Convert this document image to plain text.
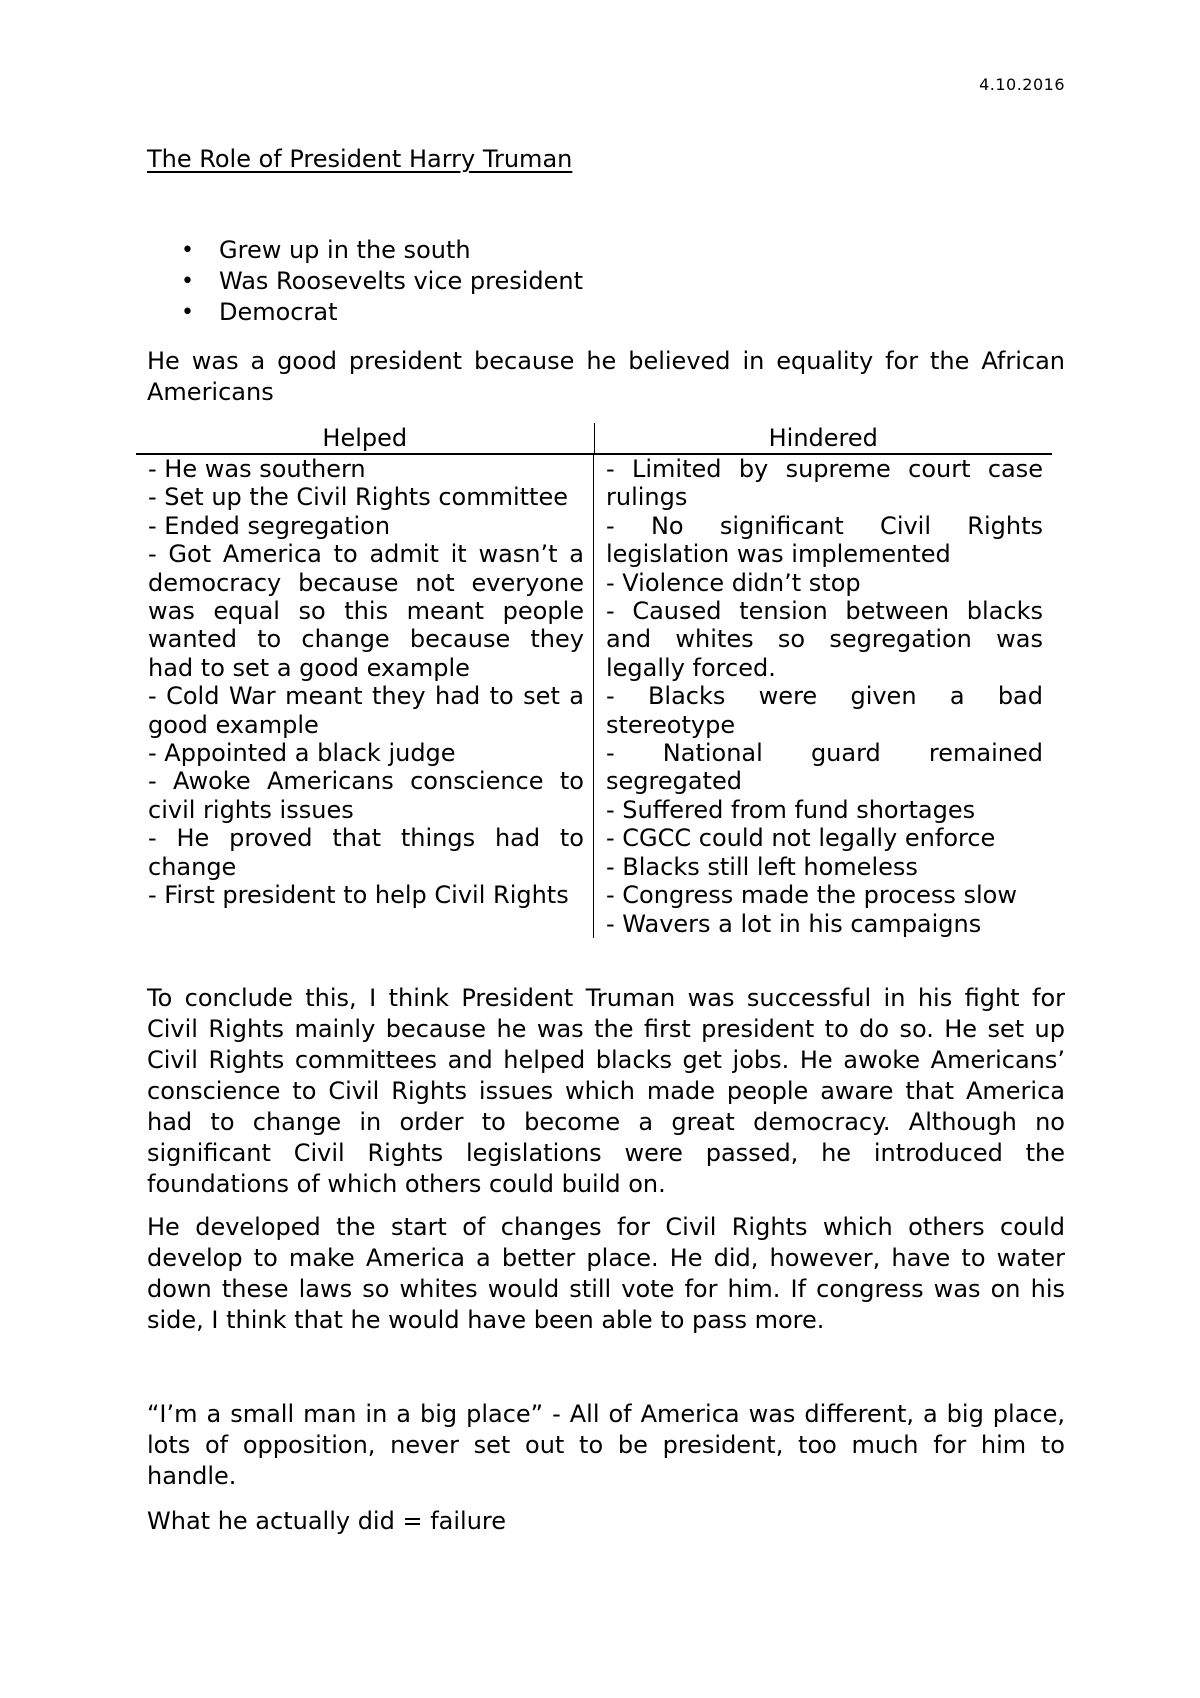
4.10.2016
The Role of President Harry Truman
• Grew up in the south
• Was Roosevelts vice president
• Democrat

He was a good president because he believed in equality for the African Americans

Helped	Hindered
- He was southern
- Set up the Civil Rights committee
- Ended segregation
- Got America to admit it wasn’t a democracy because not everyone was equal so this meant people wanted to change because they had to set a good example
- Cold War meant they had to set a good example
- Appointed a black judge
- Awoke Americans conscience to civil rights issues
- He proved that things had to change
- First president to help Civil Rights
- Limited by supreme court case rulings
- No significant Civil Rights legislation was implemented
- Violence didn’t stop
- Caused tension between blacks and whites so segregation was legally forced.
- Blacks were given a bad stereotype
- National guard remained segregated
- Suffered from fund shortages
- CGCC could not legally enforce
- Blacks still left homeless
- Congress made the process slow
- Wavers a lot in his campaigns

To conclude this, I think President Truman was successful in his fight for Civil Rights mainly because he was the first president to do so. He set up Civil Rights committees and helped blacks get jobs. He awoke Americans’ conscience to Civil Rights issues which made people aware that America had to change in order to become a great democracy. Although no significant Civil Rights legislations were passed, he introduced the foundations of which others could build on.

He developed the start of changes for Civil Rights which others could develop to make America a better place. He did, however, have to water down these laws so whites would still vote for him. If congress was on his side, I think that he would have been able to pass more.

“I’m a small man in a big place” - All of America was different, a big place, lots of opposition, never set out to be president, too much for him to handle.

What he actually did = failure
